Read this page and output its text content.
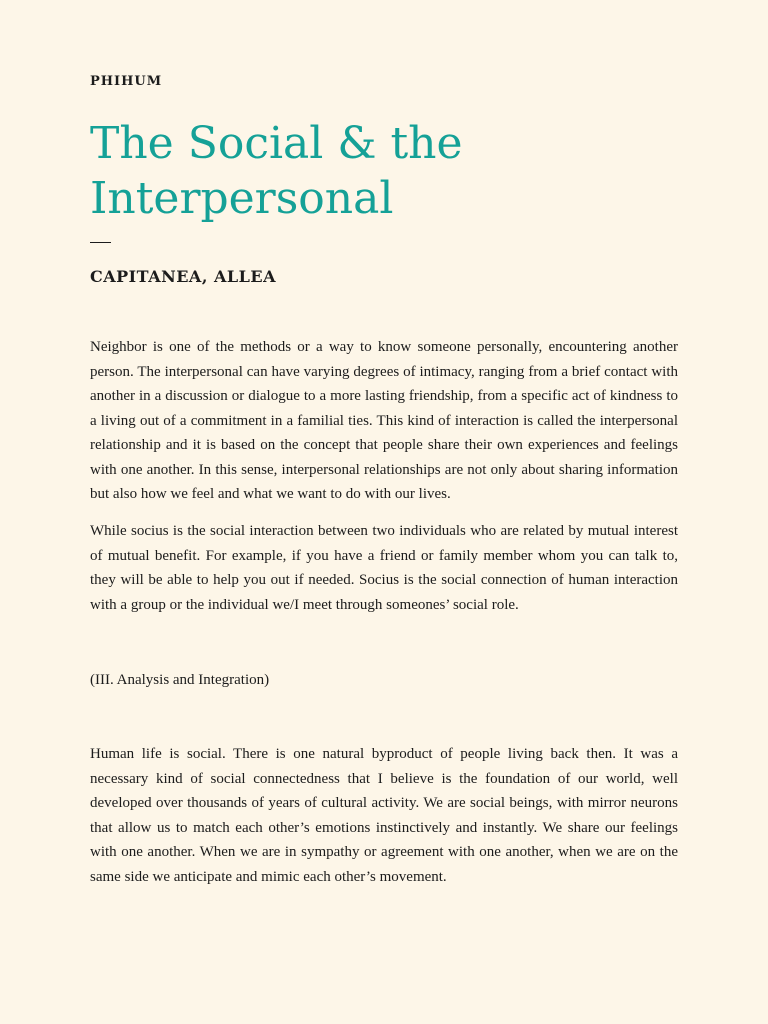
PHIHUM

The Social & the
Interpersonal

CAPITANEA, ALLEA

Neighbor is one of the methods or a way to know someone personally, encountering another person. The interpersonal can have varying degrees of intimacy, ranging from a brief contact with another in a discussion or dialogue to a more lasting friendship, from a specific act of kindness to a living out of a commitment in a familial ties. This kind of interaction is called the interpersonal relationship and it is based on the concept that people share their own experiences and feelings with one another. In this sense, interpersonal relationships are not only about sharing information but also how we feel and what we want to do with our lives.

While socius is the social interaction between two individuals who are related by mutual interest of mutual benefit. For example, if you have a friend or family member whom you can talk to, they will be able to help you out if needed. Socius is the social connection of human interaction with a group or the individual we/I meet through someones’ social role.

(III. Analysis and Integration)

Human life is social. There is one natural byproduct of people living back then. It was a necessary kind of social connectedness that I believe is the foundation of our world, well developed over thousands of years of cultural activity. We are social beings, with mirror neurons that allow us to match each other’s emotions instinctively and instantly. We share our feelings with one another. When we are in sympathy or agreement with one another, when we are on the same side we anticipate and mimic each other’s movement.
